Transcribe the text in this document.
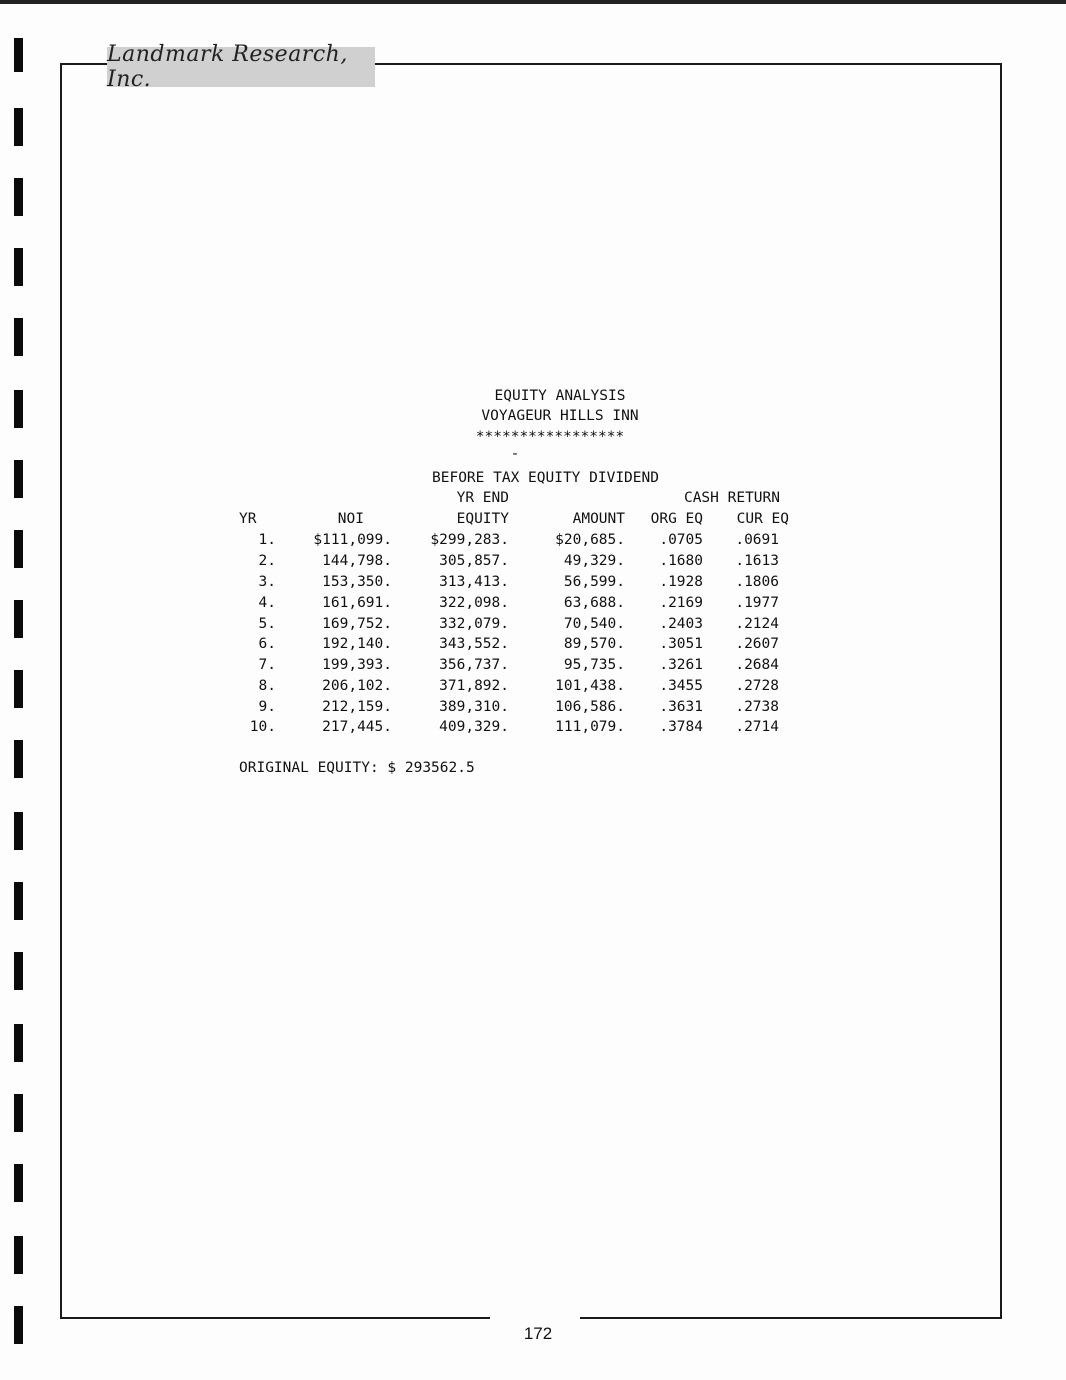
Landmark Research, Inc.
EQUITY ANALYSIS
VOYAGEUR HILLS INN
*****************
-
BEFORE TAX EQUITY DIVIDEND
YR END	CASH RETURN
YR	NOI	EQUITY	AMOUNT	ORG EQ	CUR EQ
1.	$111,099.	$299,283.	$20,685.	.0705	.0691
2.	144,798.	305,857.	49,329.	.1680	.1613
3.	153,350.	313,413.	56,599.	.1928	.1806
4.	161,691.	322,098.	63,688.	.2169	.1977
5.	169,752.	332,079.	70,540.	.2403	.2124
6.	192,140.	343,552.	89,570.	.3051	.2607
7.	199,393.	356,737.	95,735.	.3261	.2684
8.	206,102.	371,892.	101,438.	.3455	.2728
9.	212,159.	389,310.	106,586.	.3631	.2738
10.	217,445.	409,329.	111,079.	.3784	.2714
ORIGINAL EQUITY: $ 293562.5
172
